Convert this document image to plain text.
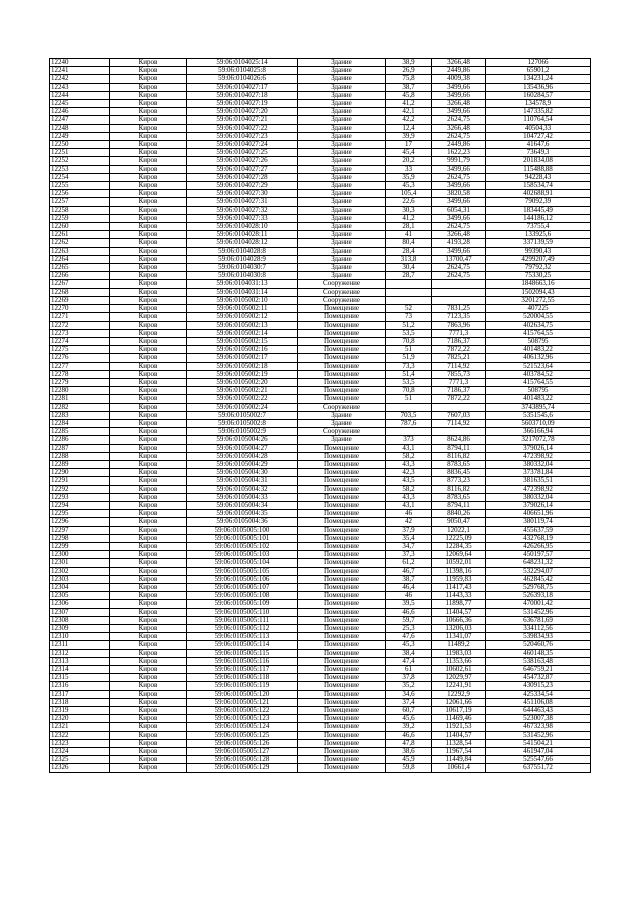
12240	Киров	59:06:0104025:14	Здание	38,9	3266,48	127066
12241	Киров	59:06:0104025:8	Здание	26,9	2449,86	65901,2
12242	Киров	59:06:0104026:6	Здание	75,8	4009,38	134231,24
12243	Киров	59:06:0104027:17	Здание	38,7	3499,66	135436,96
12244	Киров	59:06:0104027:18	Здание	45,8	3499,66	160284,57
12245	Киров	59:06:0104027:19	Здание	41,2	3266,48	134578,9
12246	Киров	59:06:0104027:20	Здание	42,1	3499,66	147335,82
12247	Киров	59:06:0104027:21	Здание	42,2	2624,75	110764,54
12248	Киров	59:06:0104027:22	Здание	12,4	3266,48	40504,33
12249	Киров	59:06:0104027:23	Здание	39,9	2624,75	104727,42
12250	Киров	59:06:0104027:24	Здание	17	2449,86	41647,6
12251	Киров	59:06:0104027:25	Здание	45,4	1622,23	73649,3
12252	Киров	59:06:0104027:26	Здание	20,2	9991,79	201834,08
12253	Киров	59:06:0104027:27	Здание	33	3499,66	115488,88
12254	Киров	59:06:0104027:28	Здание	35,9	2624,75	94228,43
12255	Киров	59:06:0104027:29	Здание	45,3	3499,66	158534,74
12256	Киров	59:06:0104027:30	Здание	105,4	3820,58	402688,91
12257	Киров	59:06:0104027:31	Здание	22,6	3499,66	79092,39
12258	Киров	59:06:0104027:32	Здание	30,3	6054,31	183445,49
12259	Киров	59:06:0104027:33	Здание	41,2	3499,66	144186,12
12260	Киров	59:06:0104028:10	Здание	28,1	2624,75	73755,4
12261	Киров	59:06:0104028:11	Здание	41	3266,48	133925,6
12262	Киров	59:06:0104028:12	Здание	80,4	4193,28	337139,59
12263	Киров	59:06:0104028:8	Здание	28,4	3499,66	99390,43
12264	Киров	59:06:0104028:9	Здание	313,8	13700,47	4299207,49
12265	Киров	59:06:0104030:7	Здание	30,4	2624,75	79792,32
12266	Киров	59:06:0104030:8	Здание	28,7	2624,75	75330,25
12267	Киров	59:06:0104031:13	Сооружение			1848663,16
12268	Киров	59:06:0104031:14	Сооружение			1502094,43
12269	Киров	59:06:0105002:10	Сооружение			3201272,55
12270	Киров	59:06:0105002:11	Помещение	52	7831,25	407225
12271	Киров	59:06:0105002:12	Помещение	73	7123,35	520004,55
12272	Киров	59:06:0105002:13	Помещение	51,2	7863,96	402634,75
12273	Киров	59:06:0105002:14	Помещение	53,5	7771,3	415764,55
12274	Киров	59:06:0105002:15	Помещение	70,8	7186,37	508795
12275	Киров	59:06:0105002:16	Помещение	51	7872,22	401483,22
12276	Киров	59:06:0105002:17	Помещение	51,9	7825,21	406132,96
12277	Киров	59:06:0105002:18	Помещение	73,3	7114,92	521523,64
12278	Киров	59:06:0105002:19	Помещение	51,4	7855,73	403784,52
12279	Киров	59:06:0105002:20	Помещение	53,5	7771,3	415764,55
12280	Киров	59:06:0105002:21	Помещение	70,8	7186,37	508795
12281	Киров	59:06:0105002:22	Помещение	51	7872,22	401483,22
12282	Киров	59:06:0105002:24	Сооружение			3743895,74
12283	Киров	59:06:0105002:7	Здание	703,5	7607,03	5351545,6
12284	Киров	59:06:0105002:8	Здание	787,6	7114,92	5603710,09
12285	Киров	59:06:0105002:9	Сооружение			366166,94
12286	Киров	59:06:0105004:26	Здание	373	8624,86	3217072,78
12287	Киров	59:06:0105004:27	Помещение	43,1	8794,11	379026,14
12288	Киров	59:06:0105004:28	Помещение	58,2	8116,82	472398,92
12289	Киров	59:06:0105004:29	Помещение	43,3	8783,65	380332,04
12290	Киров	59:06:0105004:30	Помещение	42,3	8836,45	373781,84
12291	Киров	59:06:0105004:31	Помещение	43,5	8773,23	381635,51
12292	Киров	59:06:0105004:32	Помещение	58,2	8116,82	472398,92
12293	Киров	59:06:0105004:33	Помещение	43,3	8783,65	380332,04
12294	Киров	59:06:0105004:34	Помещение	43,1	8794,11	379026,14
12295	Киров	59:06:0105004:35	Помещение	46	8840,26	406651,96
12296	Киров	59:06:0105004:36	Помещение	42	9050,47	380119,74
12297	Киров	59:06:0105005:100	Помещение	37,9	12022,1	455637,59
12298	Киров	59:06:0105005:101	Помещение	35,4	12225,09	432768,19
12299	Киров	59:06:0105005:102	Помещение	34,7	12284,35	426266,95
12300	Киров	59:06:0105005:103	Помещение	37,3	12069,64	450197,57
12301	Киров	59:06:0105005:104	Помещение	61,2	10592,01	648231,32
12302	Киров	59:06:0105005:105	Помещение	46,7	11398,16	532294,07
12303	Киров	59:06:0105005:106	Помещение	38,7	11959,83	462845,42
12304	Киров	59:06:0105005:107	Помещение	46,4	11417,43	529768,75
12305	Киров	59:06:0105005:108	Помещение	46	11443,33	526393,18
12306	Киров	59:06:0105005:109	Помещение	39,5	11898,77	470001,42
12307	Киров	59:06:0105005:110	Помещение	46,6	11404,57	531452,96
12308	Киров	59:06:0105005:111	Помещение	59,7	10666,36	636781,69
12309	Киров	59:06:0105005:112	Помещение	25,3	13206,03	334112,56
12310	Киров	59:06:0105005:113	Помещение	47,6	11341,07	539834,93
12311	Киров	59:06:0105005:114	Помещение	45,3	11489,2	520460,76
12312	Киров	59:06:0105005:115	Помещение	38,4	11983,03	460148,35
12313	Киров	59:06:0105005:116	Помещение	47,4	11353,66	538163,48
12314	Киров	59:06:0105005:117	Помещение	61	10602,61	646759,21
12315	Киров	59:06:0105005:118	Помещение	37,8	12029,97	454732,87
12316	Киров	59:06:0105005:119	Помещение	35,2	12241,91	430915,23
12317	Киров	59:06:0105005:120	Помещение	34,6	12292,9	425334,54
12318	Киров	59:06:0105005:121	Помещение	37,4	12061,66	451106,08
12319	Киров	59:06:0105005:122	Помещение	60,7	10617,19	644463,43
12320	Киров	59:06:0105005:123	Помещение	45,6	11469,46	523007,38
12321	Киров	59:06:0105005:124	Помещение	39,2	11921,53	467323,98
12322	Киров	59:06:0105005:125	Помещение	46,6	11404,57	531452,96
12323	Киров	59:06:0105005:126	Помещение	47,8	11328,54	541504,21
12324	Киров	59:06:0105005:127	Помещение	38,6	11967,54	461947,04
12325	Киров	59:06:0105005:128	Помещение	45,9	11449,84	525547,66
12326	Киров	59:06:0105005:129	Помещение	59,8	10661,4	637551,72
